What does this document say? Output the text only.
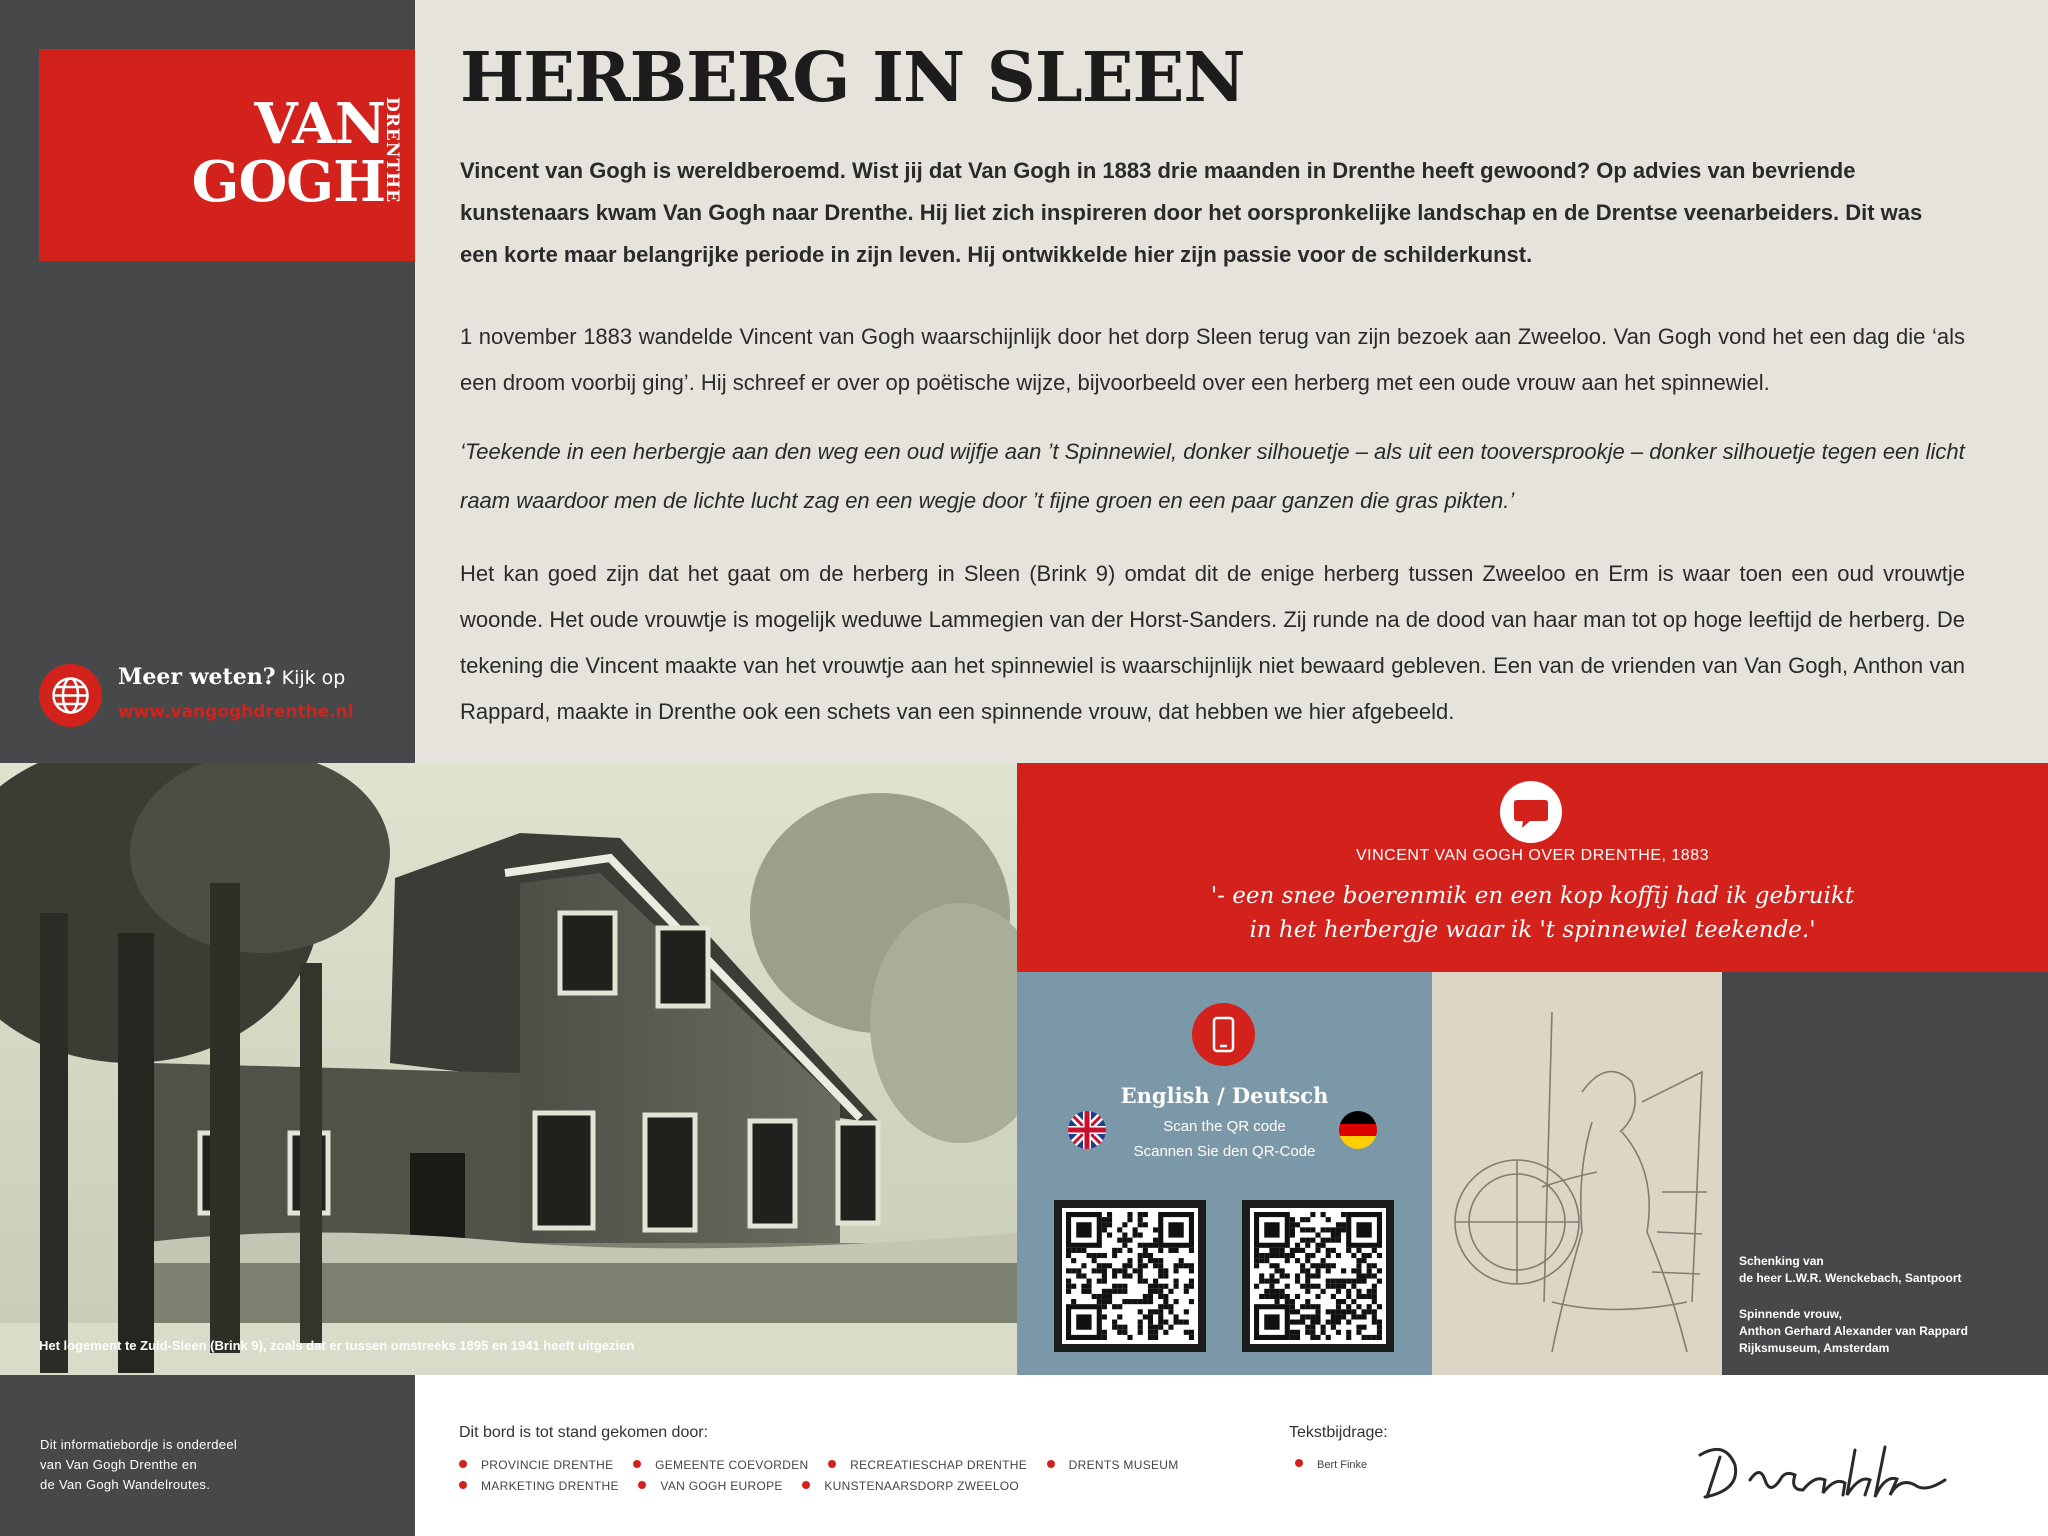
VAN
GOGH
DRENTHE
Meer weten? Kijk op
www.vangoghdrenthe.nl
HERBERG IN SLEEN

Vincent van Gogh is wereldberoemd. Wist jij dat Van Gogh in 1883 drie maanden in Drenthe heeft gewoond? Op advies van bevriende kunstenaars kwam Van Gogh naar Drenthe. Hij liet zich inspireren door het oorspronkelijke landschap en de Drentse veenarbeiders. Dit was een korte maar belangrijke periode in zijn leven. Hij ontwikkelde hier zijn passie voor de schilderkunst.

1 november 1883 wandelde Vincent van Gogh waarschijnlijk door het dorp Sleen terug van zijn bezoek aan Zweeloo. Van Gogh vond het een dag die ‘als een droom voorbij ging’. Hij schreef er over op poëtische wijze, bijvoorbeeld over een herberg met een oude vrouw aan het spinnewiel.

‘Teekende in een herbergje aan den weg een oud wijfje aan ’t Spinnewiel, donker silhouetje – als uit een tooversprookje – donker silhouetje tegen een licht raam waardoor men de lichte lucht zag en een wegje door ’t fijne groen en een paar ganzen die gras pikten.’

Het kan goed zijn dat het gaat om de herberg in Sleen (Brink 9) omdat dit de enige herberg tussen Zweeloo en Erm is waar toen een oud vrouwtje woonde. Het oude vrouwtje is mogelijk weduwe Lammegien van der Horst-Sanders. Zij runde na de dood van haar man tot op hoge leeftijd de herberg. De tekening die Vincent maakte van het vrouwtje aan het spinnewiel is waarschijnlijk niet bewaard gebleven. Een van de vrienden van Van Gogh, Anthon van Rappard, maakte in Drenthe ook een schets van een spinnende vrouw, dat hebben we hier afgebeeld.

Het logement te Zuid-Sleen (Brink 9), zoals dat er tussen omstreeks 1895 en 1941 heeft uitgezien
VINCENT VAN GOGH OVER DRENTHE, 1883
'- een snee boerenmik en een kop koffij had ik gebruikt
in het herbergje waar ik 't spinnewiel teekende.'
English / Deutsch
Scan the QR code
Scannen Sie den QR-Code

Schenking van
de heer L.W.R. Wenckebach, Santpoort

Spinnende vrouw,
Anthon Gerhard Alexander van Rappard
Rijksmuseum, Amsterdam

Dit informatiebordje is onderdeel
van Van Gogh Drenthe en
de Van Gogh Wandelroutes.

Dit bord is tot stand gekomen door:
PROVINCIE DRENTHE	GEMEENTE COEVORDEN	RECREATIESCHAP DRENTHE	DRENTS MUSEUM
MARKETING DRENTHE	VAN GOGH EUROPE	KUNSTENAARSDORP ZWEELOO
Tekstbijdrage:
Bert Finke
